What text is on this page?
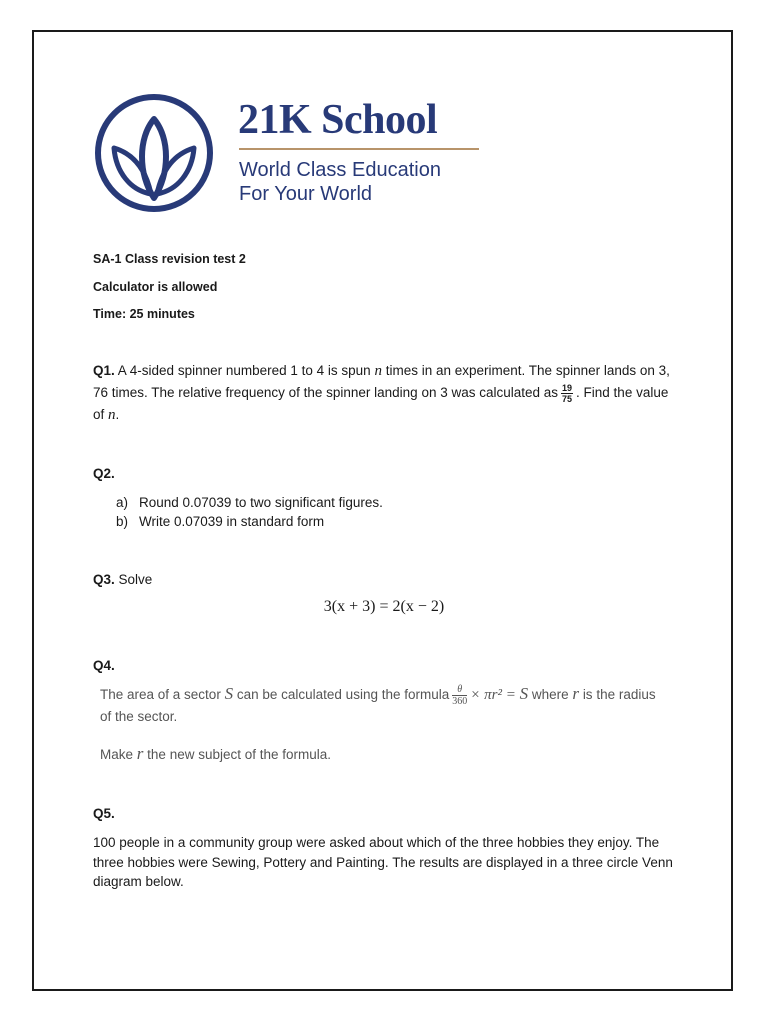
21K School
World Class Education
For Your World
SA-1 Class revision test 2
Calculator is allowed
Time: 25 minutes
Q1. A 4-sided spinner numbered 1 to 4 is spun n times in an experiment. The spinner lands on 3, 76 times. The relative frequency of the spinner landing on 3 was calculated as $\frac{19}{75}$ . Find the value of n.
Q2.
a) Round 0.07039 to two significant figures.
b) Write 0.07039 in standard form
Q3. Solve
3(x + 3) = 2(x − 2)
Q4.
The area of a sector S can be calculated using the formula $\frac{\theta}{360} \times \pi r^2 = S$ where r is the radius of the sector.
Make r the new subject of the formula.
Q5.
100 people in a community group were asked about which of the three hobbies they enjoy. The three hobbies were Sewing, Pottery and Painting. The results are displayed in a three circle Venn diagram below.
